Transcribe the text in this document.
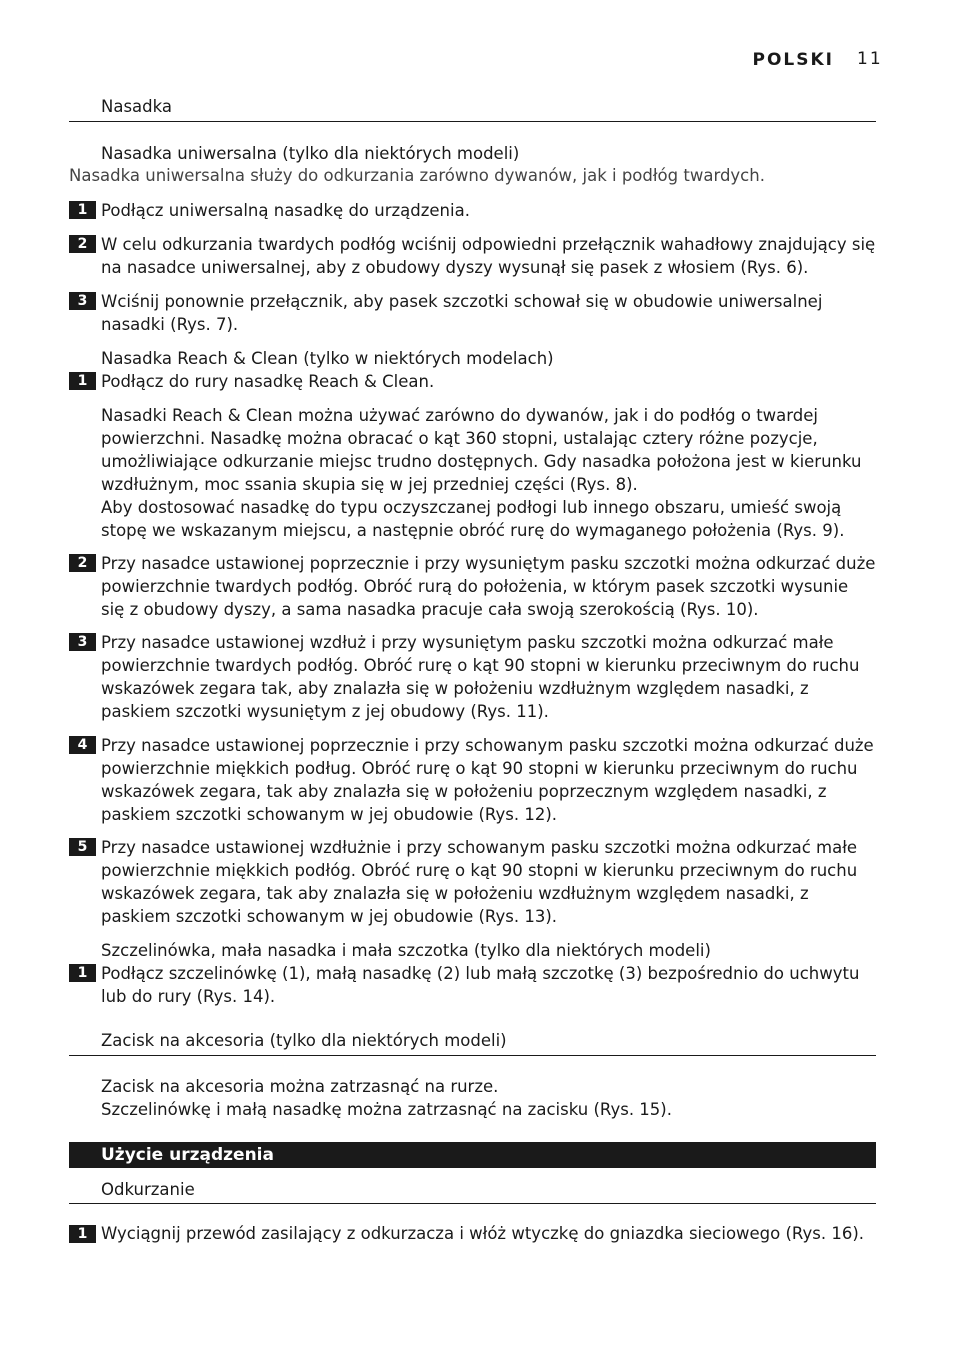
POLSKI 11
Nasadka
Nasadka uniwersalna (tylko dla niektórych modeli)
Nasadka uniwersalna służy do odkurzania zarówno dywanów, jak i podłóg twardych.
1 Podłącz uniwersalną nasadkę do urządzenia.
2 W celu odkurzania twardych podłóg wciśnij odpowiedni przełącznik wahadłowy znajdujący się na nasadce uniwersalnej, aby z obudowy dyszy wysunął się pasek z włosiem (Rys. 6).
3 Wciśnij ponownie przełącznik, aby pasek szczotki schował się w obudowie uniwersalnej nasadki (Rys. 7).
Nasadka Reach & Clean (tylko w niektórych modelach)
1 Podłącz do rury nasadkę Reach & Clean.
Nasadki Reach & Clean można używać zarówno do dywanów, jak i do podłóg o twardej powierzchni. Nasadkę można obracać o kąt 360 stopni, ustalając cztery różne pozycje, umożliwiające odkurzanie miejsc trudno dostępnych. Gdy nasadka położona jest w kierunku wzdłużnym, moc ssania skupia się w jej przedniej części (Rys. 8).
Aby dostosować nasadkę do typu oczyszczanej podłogi lub innego obszaru, umieść swoją stopę we wskazanym miejscu, a następnie obróć rurę do wymaganego położenia (Rys. 9).
2 Przy nasadce ustawionej poprzecznie i przy wysuniętym pasku szczotki można odkurzać duże powierzchnie twardych podłóg. Obróć rurą do położenia, w którym pasek szczotki wysunie się z obudowy dyszy, a sama nasadka pracuje cała swoją szerokością (Rys. 10).
3 Przy nasadce ustawionej wzdłuż i przy wysuniętym pasku szczotki można odkurzać małe powierzchnie twardych podłóg. Obróć rurę o kąt 90 stopni w kierunku przeciwnym do ruchu wskazówek zegara tak, aby znalazła się w położeniu wzdłużnym względem nasadki, z paskiem szczotki wysuniętym z jej obudowy (Rys. 11).
4 Przy nasadce ustawionej poprzecznie i przy schowanym pasku szczotki można odkurzać duże powierzchnie miękkich podług. Obróć rurę o kąt 90 stopni w kierunku przeciwnym do ruchu wskazówek zegara, tak aby znalazła się w położeniu poprzecznym względem nasadki, z paskiem szczotki schowanym w jej obudowie (Rys. 12).
5 Przy nasadce ustawionej wzdłużnie i przy schowanym pasku szczotki można odkurzać małe powierzchnie miękkich podłóg. Obróć rurę o kąt 90 stopni w kierunku przeciwnym do ruchu wskazówek zegara, tak aby znalazła się w położeniu wzdłużnym względem nasadki, z paskiem szczotki schowanym w jej obudowie (Rys. 13).
Szczelinówka, mała nasadka i mała szczotka (tylko dla niektórych modeli)
1 Podłącz szczelinówkę (1), małą nasadkę (2) lub małą szczotkę (3) bezpośrednio do uchwytu lub do rury (Rys. 14).
Zacisk na akcesoria (tylko dla niektórych modeli)
Zacisk na akcesoria można zatrzasnąć na rurze.
Szczelinówkę i małą nasadkę można zatrzasnąć na zacisku (Rys. 15).
Użycie urządzenia
Odkurzanie
1 Wyciągnij przewód zasilający z odkurzacza i włóż wtyczkę do gniazdka sieciowego (Rys. 16).
